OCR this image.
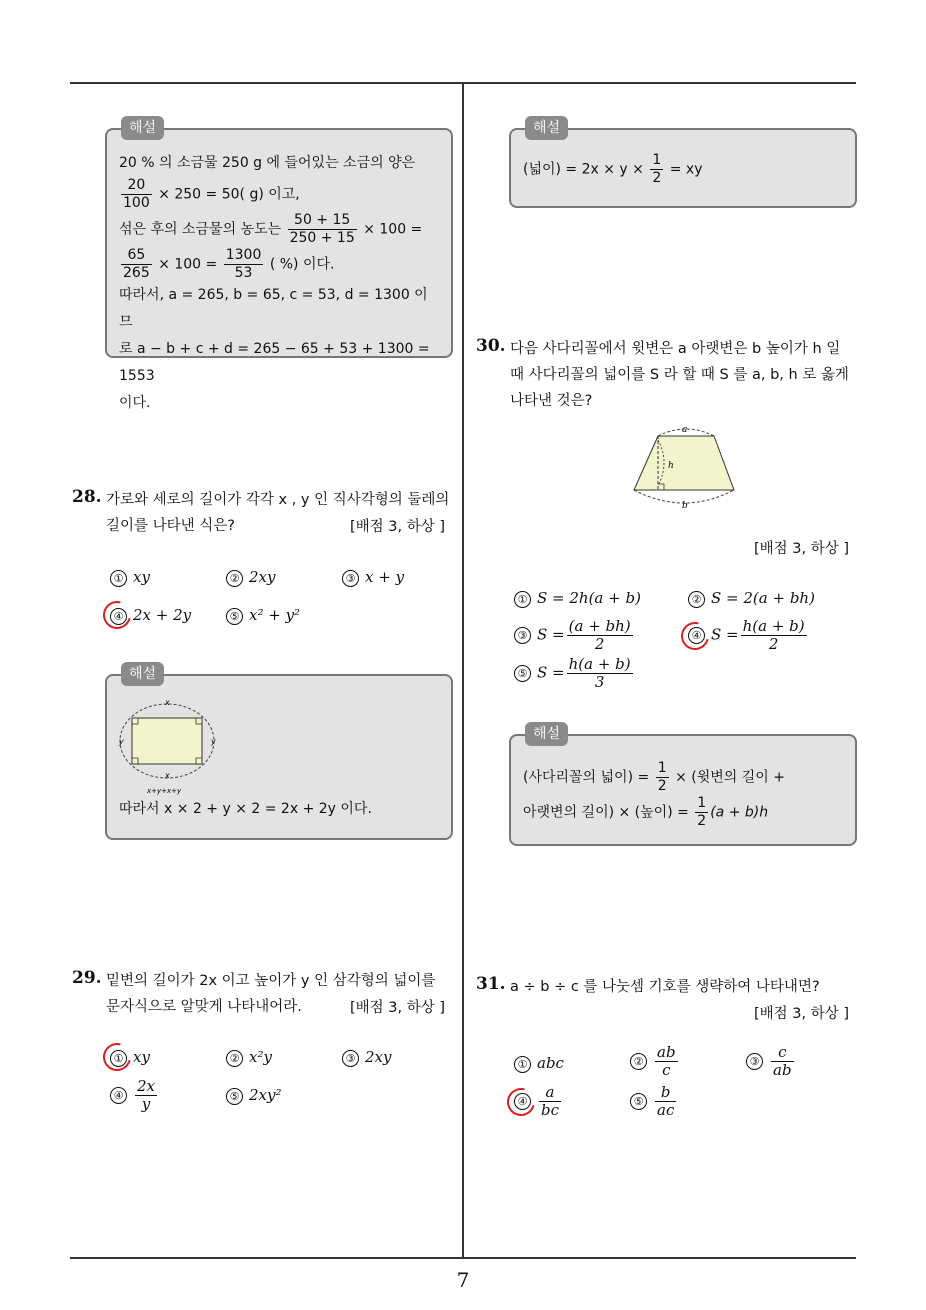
7
해설
20 % 의 소금물 250 g 에 들어있는 소금의 양은
$\frac{20}{100} \times 250 = 50$( g) 이고,
섞은 후의 소금물의 농도는 $\frac{50 + 15}{250 + 15} \times 100$ =
$\frac{65}{265} \times 100 = \frac{1300}{53}$ ( %) 이다.
따라서, a = 265, b = 65, c = 53, d = 1300 이므
로 a − b + c + d = 265 − 65 + 53 + 1300 = 1553
이다.
28. 가로와 세로의 길이가 각각 x , y 인 직사각형의 둘레의
길이를 나타낸 식은?	[배점 3, 하상 ]
① xy	② 2xy	③ x + y
④ 2x + 2y	⑤ x² + y²
해설
x
x
y	y
x+y+x+y
따라서 x × 2 + y × 2 = 2x + 2y 이다.
29. 밑변의 길이가 2x 이고 높이가 y 인 삼각형의 넓이를
문자식으로 알맞게 나타내어라.	[배점 3, 하상 ]
① xy	② x²y	③ 2xy
④ $\frac{2x}{y}$	⑤ 2xy²
해설
(넓이) = $2x \times y \times \frac{1}{2}$ = xy
30. 다음 사다리꼴에서 윗변은 a 아랫변은 b 높이가 h 일
때 사다리꼴의 넓이를 S 라 할 때 S 를 a, b, h 로 옳게
나타낸 것은?
a
b
h
[배점 3, 하상 ]
① S = 2h(a + b)	② S = 2(a + bh)
③ $S = \frac{(a + bh)}{2}$	④ $S = \frac{h(a + b)}{2}$
⑤ $S = \frac{h(a + b)}{3}$
해설
(사다리꼴의 넓이) = $\frac{1}{2}$ × (윗변의 길이 +
아랫변의 길이) × (높이) = $\frac{1}{2} (a + b)h$
31. a ÷ b ÷ c 를 나눗셈 기호를 생략하여 나타내면?
[배점 3, 하상 ]
① abc	② $\frac{ab}{c}$	③ $\frac{c}{ab}$
④ $\frac{a}{bc}$	⑤ $\frac{b}{ac}$
